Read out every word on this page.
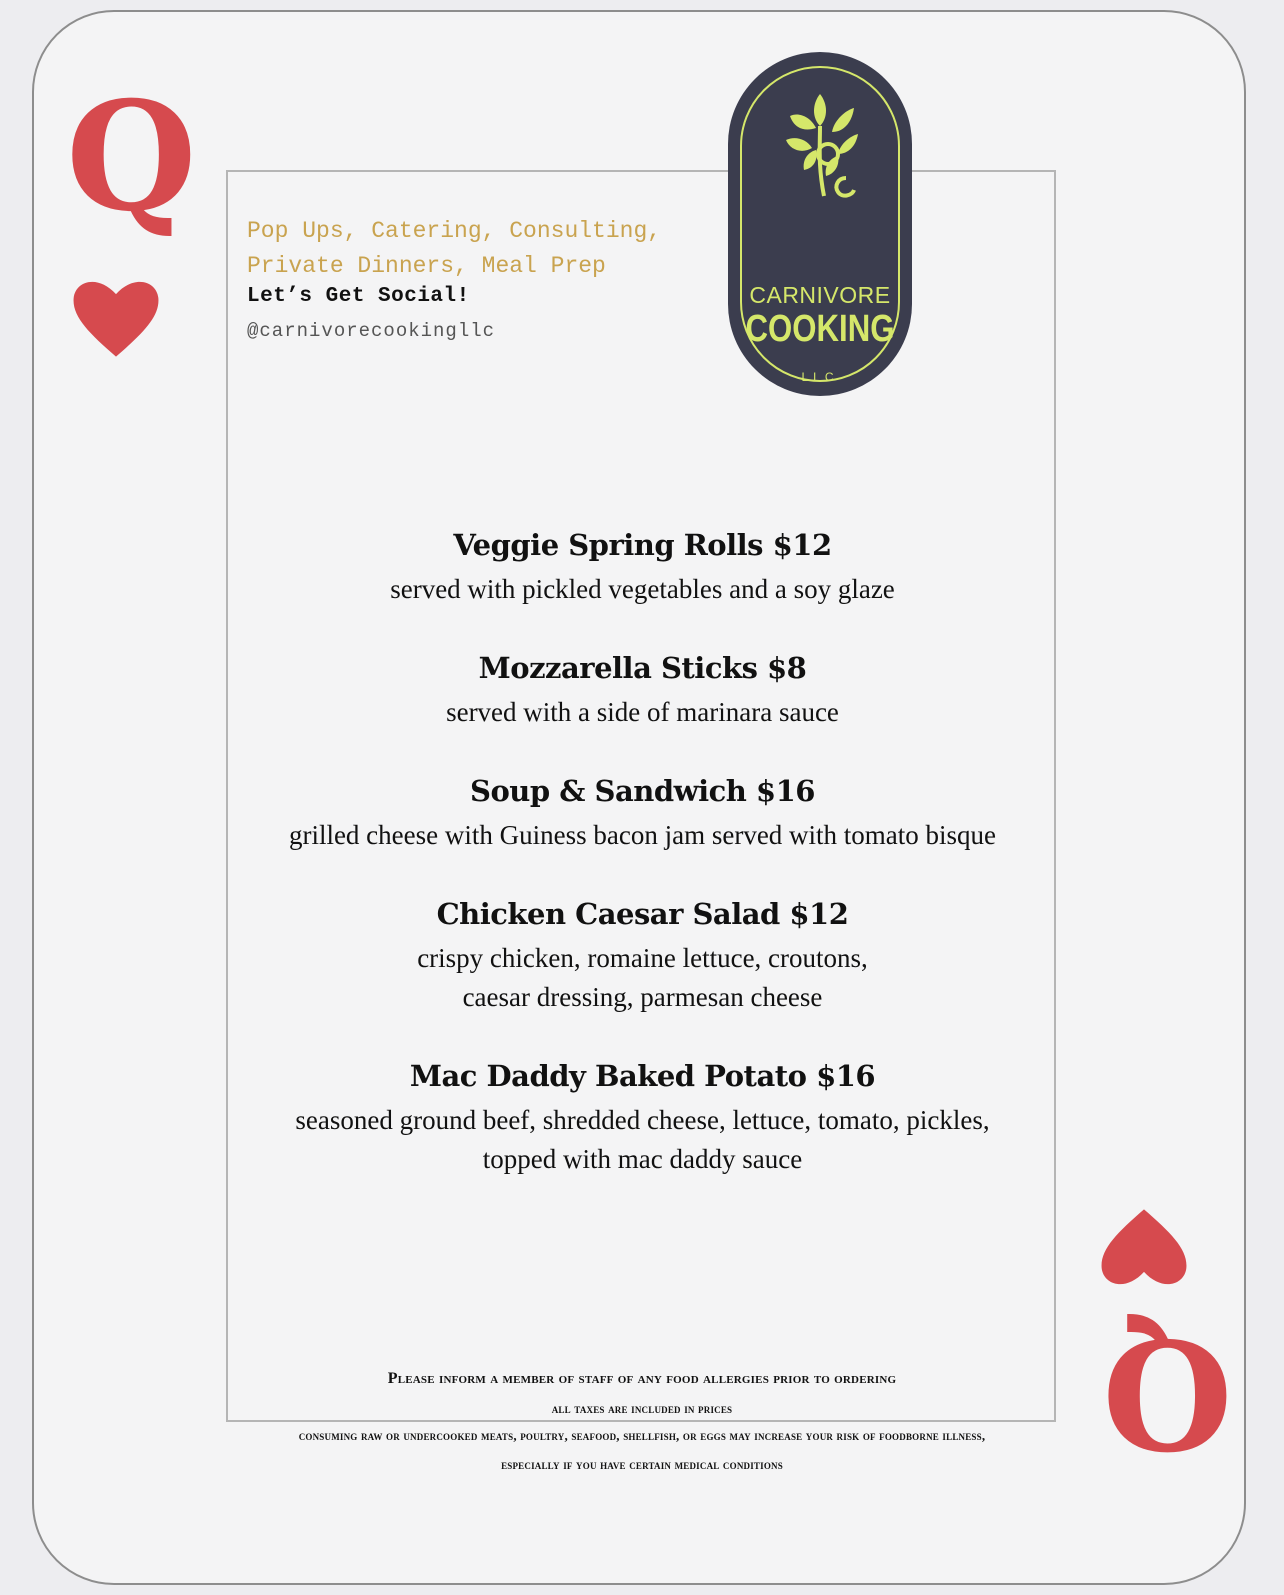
Q
Q
Pop Ups, Catering, Consulting,
Private Dinners, Meal Prep
Let’s Get Social!
@carnivorecookingllc
CARNIVORE
COOKING
LLC
Veggie Spring Rolls $12
served with pickled vegetables and a soy glaze
Mozzarella Sticks $8
served with a side of marinara sauce
Soup & Sandwich $16
grilled cheese with Guiness bacon jam served with tomato bisque
Chicken Caesar Salad $12
crispy chicken, romaine lettuce, croutons,
caesar dressing, parmesan cheese
Mac Daddy Baked Potato $16
seasoned ground beef, shredded cheese, lettuce, tomato, pickles,
topped with mac daddy sauce
Please inform a member of staff of any food allergies prior to ordering
all taxes are included in prices
consuming raw or undercooked meats, poultry, seafood, shellfish, or eggs may increase your risk of foodborne illness,
especially if you have certain medical conditions
